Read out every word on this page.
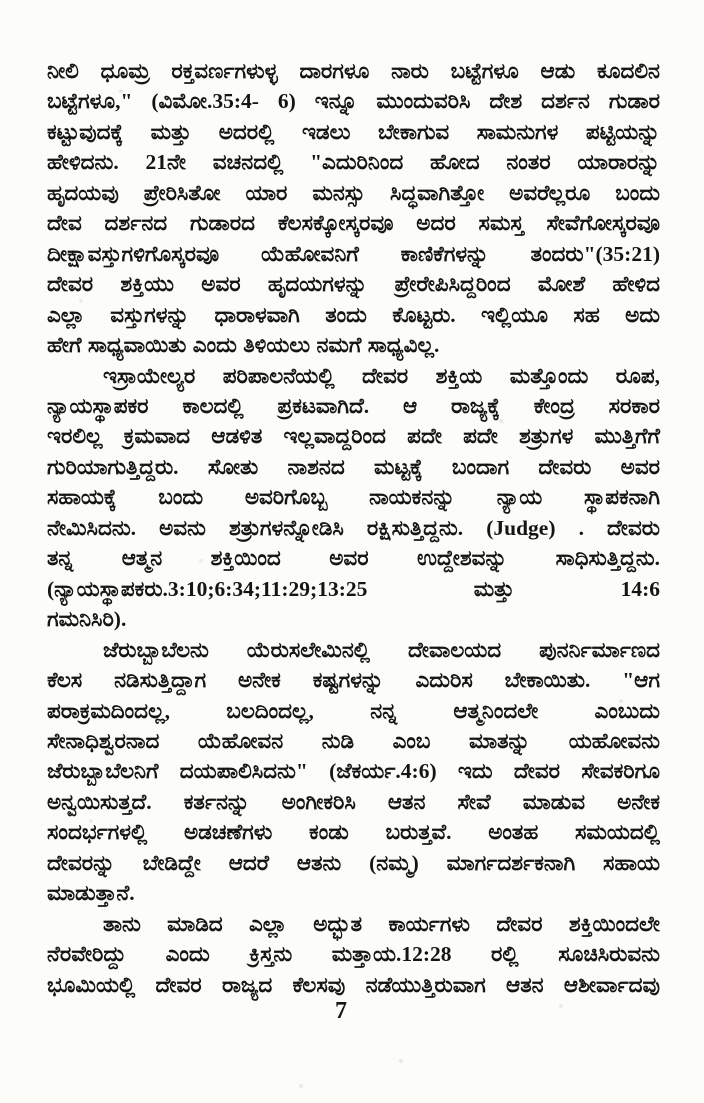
ನೀಲಿ ಧೂಮ್ರ ರಕ್ತವರ್ಣಗಳುಳ್ಳ ದಾರಗಳೂ ನಾರು ಬಟ್ಟೆಗಳೂ ಆಡು ಕೂದಲಿನ
ಬಟ್ಟೆಗಳೂ," (ವಿಮೋ.35:4- 6) ಇನ್ನೂ ಮುಂದುವರಿಸಿ ದೇಶ ದರ್ಶನ ಗುಡಾರ
ಕಟ್ಟುವುದಕ್ಕೆ ಮತ್ತು ಅದರಲ್ಲಿ ಇಡಲು ಬೇಕಾಗುವ ಸಾಮನುಗಳ ಪಟ್ಟಿಯನ್ನು
ಹೇಳಿದನು. 21ನೇ ವಚನದಲ್ಲಿ "ಎದುರಿನಿಂದ ಹೋದ ನಂತರ ಯಾರಾರನ್ನು
ಹೃದಯವು ಪ್ರೇರಿಸಿತೋ ಯಾರ ಮನಸ್ಸು ಸಿದ್ಧವಾಗಿತ್ತೋ ಅವರೆಲ್ಲರೂ ಬಂದು
ದೇವ ದರ್ಶನದ ಗುಡಾರದ ಕೆಲಸಕ್ಕೋಸ್ಕರವೂ ಅದರ ಸಮಸ್ತ ಸೇವೆಗೋಸ್ಕರವೂ
ದೀಕ್ಷಾವಸ್ತುಗಳಿಗೊಸ್ಕರವೂ ಯೆಹೋವನಿಗೆ ಕಾಣಿಕೆಗಳನ್ನು ತಂದರು"(35:21)
ದೇವರ ಶಕ್ತಿಯು ಅವರ ಹೃದಯಗಳನ್ನು ಪ್ರೇರೇಪಿಸಿದ್ದರಿಂದ ಮೋಶೆ ಹೇಳಿದ
ಎಲ್ಲಾ ವಸ್ತುಗಳನ್ನು ಧಾರಾಳವಾಗಿ ತಂದು ಕೊಟ್ಟರು. ಇಲ್ಲಿಯೂ ಸಹ ಅದು
ಹೇಗೆ ಸಾಧ್ಯವಾಯಿತು ಎಂದು ತಿಳಿಯಲು ನಮಗೆ ಸಾಧ್ಯವಿಲ್ಲ.
ಇಸ್ರಾಯೇಲ್ಯರ ಪರಿಪಾಲನೆಯಲ್ಲಿ ದೇವರ ಶಕ್ತಿಯ ಮತ್ತೊಂದು ರೂಪ,
ನ್ಯಾಯಸ್ಥಾಪಕರ ಕಾಲದಲ್ಲಿ ಪ್ರಕಟವಾಗಿದೆ. ಆ ರಾಜ್ಯಕ್ಕೆ ಕೇಂದ್ರ ಸರಕಾರ
ಇರಲಿಲ್ಲ ಕ್ರಮವಾದ ಆಡಳಿತ ಇಲ್ಲವಾದ್ದರಿಂದ ಪದೇ ಪದೇ ಶತ್ರುಗಳ ಮುತ್ತಿಗೆಗೆ
ಗುರಿಯಾಗುತ್ತಿದ್ದರು. ಸೋತು ನಾಶನದ ಮಟ್ಟಕ್ಕೆ ಬಂದಾಗ ದೇವರು ಅವರ
ಸಹಾಯಕ್ಕೆ ಬಂದು ಅವರಿಗೊಬ್ಬ ನಾಯಕನನ್ನು ನ್ಯಾಯ ಸ್ಥಾಪಕನಾಗಿ
ನೇಮಿಸಿದನು. ಅವನು ಶತ್ರುಗಳನ್ನೋಡಿಸಿ ರಕ್ಷಿಸುತ್ತಿದ್ದನು. (Judge) . ದೇವರು
ತನ್ನ ಆತ್ಮನ ಶಕ್ತಿಯಿಂದ ಅವರ ಉದ್ದೇಶವನ್ನು ಸಾಧಿಸುತ್ತಿದ್ದನು.
(ನ್ಯಾಯಸ್ಥಾಪಕರು.3:10;6:34;11:29;13:25 ಮತ್ತು 14:6
ಗಮನಿಸಿರಿ).
ಜೆರುಬ್ಬಾಬೆಲನು ಯೆರುಸಲೇಮಿನಲ್ಲಿ ದೇವಾಲಯದ ಪುನರ್ನಿರ್ಮಾಣದ
ಕೆಲಸ ನಡಿಸುತ್ತಿದ್ದಾಗ ಅನೇಕ ಕಷ್ಟಗಳನ್ನು ಎದುರಿಸ ಬೇಕಾಯಿತು. "ಆಗ
ಪರಾಕ್ರಮದಿಂದಲ್ಲ, ಬಲದಿಂದಲ್ಲ, ನನ್ನ ಆತ್ಮನಿಂದಲೇ ಎಂಬುದು
ಸೇನಾಧಿಶ್ವರನಾದ ಯೆಹೋವನ ನುಡಿ ಎಂಬ ಮಾತನ್ನು ಯಹೋವನು
ಜೆರುಬ್ಬಾಬೆಲನಿಗೆ ದಯಪಾಲಿಸಿದನು" (ಜೆಕರ್ಯ.4:6) ಇದು ದೇವರ ಸೇವಕರಿಗೂ
ಅನ್ವಯಿಸುತ್ತದೆ. ಕರ್ತನನ್ನು ಅಂಗೀಕರಿಸಿ ಆತನ ಸೇವೆ ಮಾಡುವ ಅನೇಕ
ಸಂದರ್ಭಗಳಲ್ಲಿ ಅಡಚಣೆಗಳು ಕಂಡು ಬರುತ್ತವೆ. ಅಂತಹ ಸಮಯದಲ್ಲಿ
ದೇವರನ್ನು ಬೇಡಿದ್ದೇ ಆದರೆ ಆತನು (ನಮ್ಮ) ಮಾರ್ಗದರ್ಶಕನಾಗಿ ಸಹಾಯ
ಮಾಡುತ್ತಾನೆ.
ತಾನು ಮಾಡಿದ ಎಲ್ಲಾ ಅದ್ಭುತ ಕಾರ್ಯಗಳು ದೇವರ ಶಕ್ತಿಯಿಂದಲೇ
ನೆರವೇರಿದ್ದು ಎಂದು ಕ್ರಿಸ್ತನು ಮತ್ತಾಯ.12:28 ರಲ್ಲಿ ಸೂಚಿಸಿರುವನು
ಭೂಮಿಯಲ್ಲಿ ದೇವರ ರಾಜ್ಯದ ಕೆಲಸವು ನಡೆಯುತ್ತಿರುವಾಗ ಆತನ ಆಶೀರ್ವಾದವು
7
